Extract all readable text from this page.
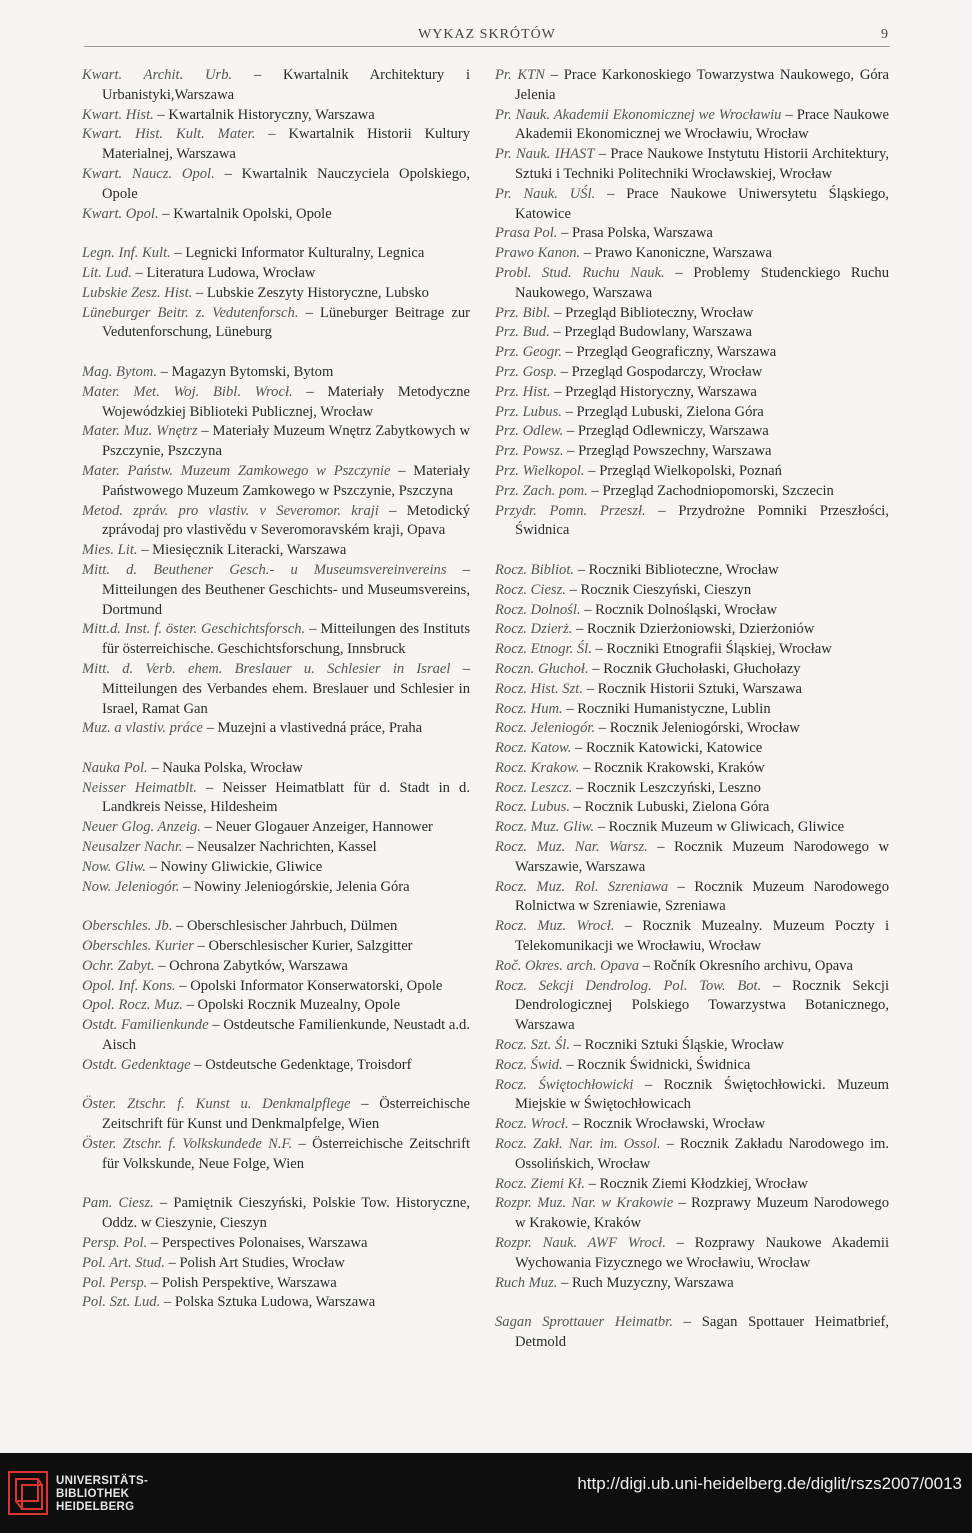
WYKAZ SKRÓTÓW	9
Kwart. Archit. Urb. – Kwartalnik Architektury i Urbanistyki,Warszawa
Kwart. Hist. – Kwartalnik Historyczny, Warszawa
Kwart. Hist. Kult. Mater. – Kwartalnik Historii Kultury Materialnej, Warszawa
Kwart. Naucz. Opol. – Kwartalnik Nauczyciela Opolskiego, Opole
Kwart. Opol. – Kwartalnik Opolski, Opole
Legn. Inf. Kult. – Legnicki Informator Kulturalny, Legnica
Lit. Lud. – Literatura Ludowa, Wrocław
Lubskie Zesz. Hist. – Lubskie Zeszyty Historyczne, Lubsko
Lüneburger Beitr. z. Vedutenforsch. – Lüneburger Beitrage zur Vedutenforschung, Lüneburg
Mag. Bytom. – Magazyn Bytomski, Bytom
Mater. Met. Woj. Bibl. Wrocł. – Materiały Metodyczne Wojewódzkiej Biblioteki Publicznej, Wrocław
Mater. Muz. Wnętrz – Materiały Muzeum Wnętrz Zabytkowych w Pszczynie, Pszczyna
Mater. Państw. Muzeum Zamkowego w Pszczynie – Materiały Państwowego Muzeum Zamkowego w Pszczynie, Pszczyna
Metod. zpráv. pro vlastiv. v Severomor. kraji – Metodický zprávodaj pro vlastivědu v Severomoravském kraji, Opava
Mies. Lit. – Miesięcznik Literacki, Warszawa
Mitt. d. Beuthener Gesch.- u Museumsvereinvereins – Mitteilungen des Beuthener Geschichts- und Museumsvereins, Dortmund
Mitt.d. Inst. f. öster. Geschichtsforsch. – Mitteilungen des Instituts für österreichische. Geschichtsforschung, Innsbruck
Mitt. d. Verb. ehem. Breslauer u. Schlesier in Israel – Mitteilungen des Verbandes ehem. Breslauer und Schlesier in Israel, Ramat Gan
Muz. a vlastiv. práce – Muzejni a vlastivedná práce, Praha
Nauka Pol. – Nauka Polska, Wrocław
Neisser Heimatblt. – Neisser Heimatblatt für d. Stadt in d. Landkreis Neisse, Hildesheim
Neuer Glog. Anzeig. – Neuer Glogauer Anzeiger, Hannower
Neusalzer Nachr. – Neusalzer Nachrichten, Kassel
Now. Gliw. – Nowiny Gliwickie, Gliwice
Now. Jeleniogór. – Nowiny Jeleniogórskie, Jelenia Góra
Oberschles. Jb. – Oberschlesischer Jahrbuch, Dülmen
Oberschles. Kurier – Oberschlesischer Kurier, Salzgitter
Ochr. Zabyt. – Ochrona Zabytków, Warszawa
Opol. Inf. Kons. – Opolski Informator Konserwatorski, Opole
Opol. Rocz. Muz. – Opolski Rocznik Muzealny, Opole
Ostdt. Familienkunde – Ostdeutsche Familienkunde, Neustadt a.d. Aisch
Ostdt. Gedenktage – Ostdeutsche Gedenktage, Troisdorf
Öster. Ztschr. f. Kunst u. Denkmalpflege – Österreichische Zeitschrift für Kunst und Denkmalpfelge, Wien
Öster. Ztschr. f. Volkskundede N.F. – Österreichische Zeitschrift für Volkskunde, Neue Folge, Wien
Pam. Ciesz. – Pamiętnik Cieszyński, Polskie Tow. Historyczne, Oddz. w Cieszynie, Cieszyn
Persp. Pol. – Perspectives Polonaises, Warszawa
Pol. Art. Stud. – Polish Art Studies, Wrocław
Pol. Persp. – Polish Perspektive, Warszawa
Pol. Szt. Lud. – Polska Sztuka Ludowa, Warszawa
Pr. KTN – Prace Karkonoskiego Towarzystwa Naukowego, Góra Jelenia
Pr. Nauk. Akademii Ekonomicznej we Wrocławiu – Prace Naukowe Akademii Ekonomicznej we Wrocławiu, Wrocław
Pr. Nauk. IHAST – Prace Naukowe Instytutu Historii Architektury, Sztuki i Techniki Politechniki Wrocławskiej, Wrocław
Pr. Nauk. UŚl. – Prace Naukowe Uniwersytetu Śląskiego, Katowice
Prasa Pol. – Prasa Polska, Warszawa
Prawo Kanon. – Prawo Kanoniczne, Warszawa
Probl. Stud. Ruchu Nauk. – Problemy Studenckiego Ruchu Naukowego, Warszawa
Prz. Bibl. – Przegląd Biblioteczny, Wrocław
Prz. Bud. – Przegląd Budowlany, Warszawa
Prz. Geogr. – Przegląd Geograficzny, Warszawa
Prz. Gosp. – Przegląd Gospodarczy, Wrocław
Prz. Hist. – Przegląd Historyczny, Warszawa
Prz. Lubus. – Przegląd Lubuski, Zielona Góra
Prz. Odlew. – Przegląd Odlewniczy, Warszawa
Prz. Powsz. – Przegląd Powszechny, Warszawa
Prz. Wielkopol. – Przegląd Wielkopolski, Poznań
Prz. Zach. pom. – Przegląd Zachodniopomorski, Szczecin
Przydr. Pomn. Przeszł. – Przydrożne Pomniki Przeszłości, Świdnica
Rocz. Bibliot. – Roczniki Biblioteczne, Wrocław
Rocz. Ciesz. – Rocznik Cieszyński, Cieszyn
Rocz. Dolnośl. – Rocznik Dolnośląski, Wrocław
Rocz. Dzierż. – Rocznik Dzierżoniowski, Dzierżoniów
Rocz. Etnogr. Śl. – Roczniki Etnografii Śląskiej, Wrocław
Roczn. Głuchoł. – Rocznik Głuchołaski, Głuchołazy
Rocz. Hist. Szt. – Rocznik Historii Sztuki, Warszawa
Rocz. Hum. – Roczniki Humanistyczne, Lublin
Rocz. Jeleniogór. – Rocznik Jeleniogórski, Wrocław
Rocz. Katow. – Rocznik Katowicki, Katowice
Rocz. Krakow. – Rocznik Krakowski, Kraków
Rocz. Leszcz. – Rocznik Leszczyński, Leszno
Rocz. Lubus. – Rocznik Lubuski, Zielona Góra
Rocz. Muz. Gliw. – Rocznik Muzeum w Gliwicach, Gliwice
Rocz. Muz. Nar. Warsz. – Rocznik Muzeum Narodowego w Warszawie, Warszawa
Rocz. Muz. Rol. Szreniawa – Rocznik Muzeum Narodowego Rolnictwa w Szreniawie, Szreniawa
Rocz. Muz. Wrocł. – Rocznik Muzealny. Muzeum Poczty i Telekomunikacji we Wrocławiu, Wrocław
Roč. Okres. arch. Opava – Ročník Okresního archivu, Opava
Rocz. Sekcji Dendrolog. Pol. Tow. Bot. – Rocznik Sekcji Dendrologicznej Polskiego Towarzystwa Botanicznego, Warszawa
Rocz. Szt. Śl. – Roczniki Sztuki Śląskie, Wrocław
Rocz. Świd. – Rocznik Świdnicki, Świdnica
Rocz. Świętochłowicki – Rocznik Świętochłowicki. Muzeum Miejskie w Świętochłowicach
Rocz. Wrocł. – Rocznik Wrocławski, Wrocław
Rocz. Zakł. Nar. im. Ossol. – Rocznik Zakładu Narodowego im. Ossolińskich, Wrocław
Rocz. Ziemi Kł. – Rocznik Ziemi Kłodzkiej, Wrocław
Rozpr. Muz. Nar. w Krakowie – Rozprawy Muzeum Narodowego w Krakowie, Kraków
Rozpr. Nauk. AWF Wrocł. – Rozprawy Naukowe Akademii Wychowania Fizycznego we Wrocławiu, Wrocław
Ruch Muz. – Ruch Muzyczny, Warszawa
Sagan Sprottauer Heimatbr. – Sagan Spottauer Heimatbrief, Detmold
UNIVERSITÄTS-
BIBLIOTHEK
HEIDELBERG
http://digi.ub.uni-heidelberg.de/diglit/rszs2007/0013
